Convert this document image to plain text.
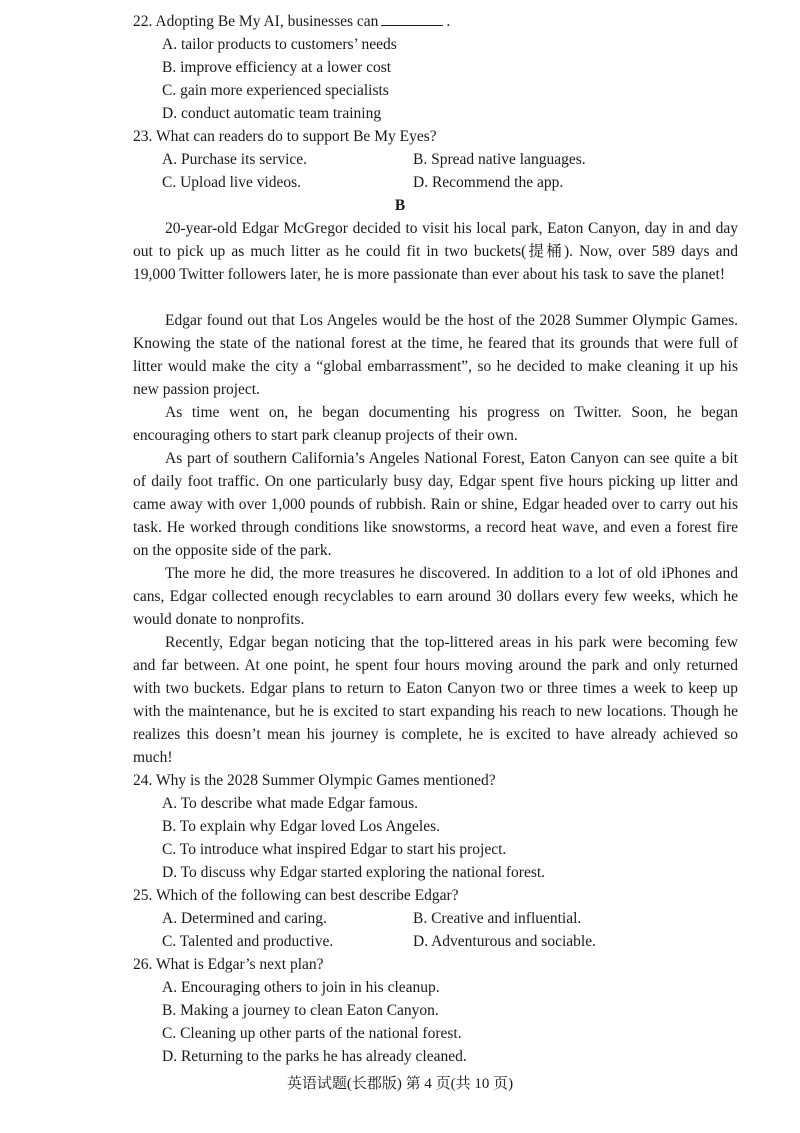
22. Adopting Be My AI, businesses can	.
A. tailor products to customers’ needs
B. improve efficiency at a lower cost
C. gain more experienced specialists
D. conduct automatic team training
23. What can readers do to support Be My Eyes?
A. Purchase its service.	B. Spread native languages.
C. Upload live videos.	D. Recommend the app.
B
20-year-old Edgar McGregor decided to visit his local park, Eaton Canyon, day in and day out to pick up as much litter as he could fit in two buckets(提桶). Now, over 589 days and 19,000 Twitter followers later, he is more passionate than ever about his task to save the planet!
Edgar found out that Los Angeles would be the host of the 2028 Summer Olympic Games. Knowing the state of the national forest at the time, he feared that its grounds that were full of litter would make the city a “global embarrassment”, so he decided to make cleaning it up his new passion project.
As time went on, he began documenting his progress on Twitter. Soon, he began encouraging others to start park cleanup projects of their own.
As part of southern California’s Angeles National Forest, Eaton Canyon can see quite a bit of daily foot traffic. On one particularly busy day, Edgar spent five hours picking up litter and came away with over 1,000 pounds of rubbish. Rain or shine, Edgar headed over to carry out his task. He worked through conditions like snowstorms, a record heat wave, and even a forest fire on the opposite side of the park.
The more he did, the more treasures he discovered. In addition to a lot of old iPhones and cans, Edgar collected enough recyclables to earn around 30 dollars every few weeks, which he would donate to nonprofits.
Recently, Edgar began noticing that the top-littered areas in his park were becoming few and far between. At one point, he spent four hours moving around the park and only returned with two buckets. Edgar plans to return to Eaton Canyon two or three times a week to keep up with the maintenance, but he is excited to start expanding his reach to new locations. Though he realizes this doesn’t mean his journey is complete, he is excited to have already achieved so much!
24. Why is the 2028 Summer Olympic Games mentioned?
A. To describe what made Edgar famous.
B. To explain why Edgar loved Los Angeles.
C. To introduce what inspired Edgar to start his project.
D. To discuss why Edgar started exploring the national forest.
25. Which of the following can best describe Edgar?
A. Determined and caring.	B. Creative and influential.
C. Talented and productive.	D. Adventurous and sociable.
26. What is Edgar’s next plan?
A. Encouraging others to join in his cleanup.
B. Making a journey to clean Eaton Canyon.
C. Cleaning up other parts of the national forest.
D. Returning to the parks he has already cleaned.
英语试题(长郡版) 第 4 页(共 10 页)
